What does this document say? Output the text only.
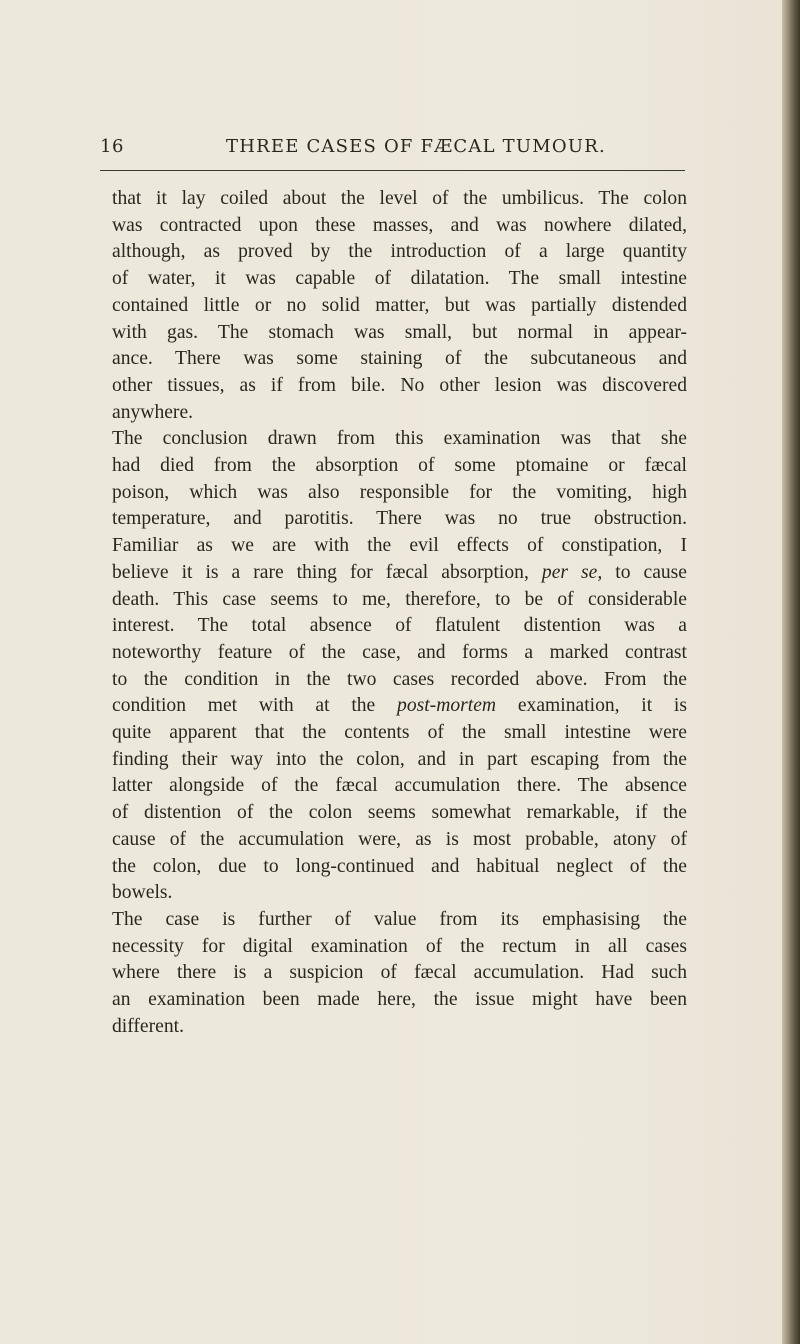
16	THREE CASES OF FÆCAL TUMOUR.
that it lay coiled about the level of the umbilicus. The colon
was contracted upon these masses, and was nowhere dilated,
although, as proved by the introduction of a large quantity
of water, it was capable of dilatation. The small intestine
contained little or no solid matter, but was partially distended
with gas. The stomach was small, but normal in appear-
ance. There was some staining of the subcutaneous and
other tissues, as if from bile. No other lesion was discovered
anywhere.
The conclusion drawn from this examination was that she
had died from the absorption of some ptomaine or fæcal
poison, which was also responsible for the vomiting, high
temperature, and parotitis. There was no true obstruction.
Familiar as we are with the evil effects of constipation, I
believe it is a rare thing for fæcal absorption, per se, to cause
death. This case seems to me, therefore, to be of considerable
interest. The total absence of flatulent distention was a
noteworthy feature of the case, and forms a marked contrast
to the condition in the two cases recorded above. From the
condition met with at the post-mortem examination, it is
quite apparent that the contents of the small intestine were
finding their way into the colon, and in part escaping from the
latter alongside of the fæcal accumulation there. The absence
of distention of the colon seems somewhat remarkable, if the
cause of the accumulation were, as is most probable, atony of
the colon, due to long-continued and habitual neglect of the
bowels.
The case is further of value from its emphasising the
necessity for digital examination of the rectum in all cases
where there is a suspicion of fæcal accumulation. Had such
an examination been made here, the issue might have been
different.
